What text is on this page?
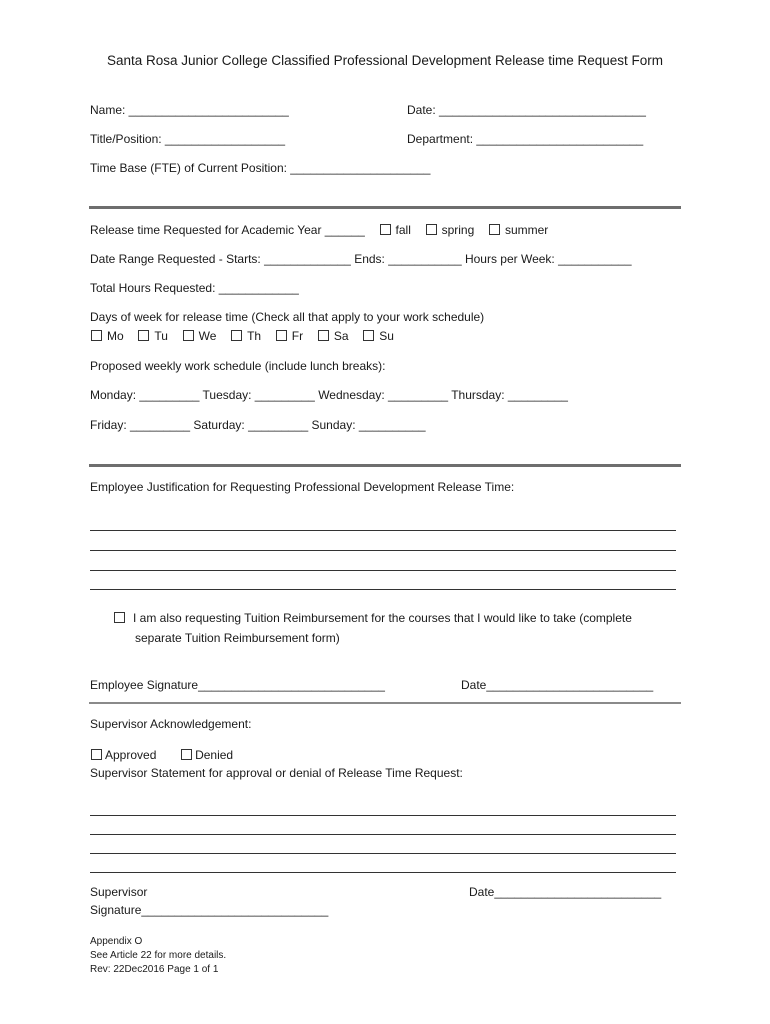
Santa Rosa Junior College Classified Professional Development Release time Request Form
Name: ________________________	Date: _______________________________
Title/Position: __________________	Department: _________________________
Time Base (FTE) of Current Position: _____________________
Release time Requested for Academic Year ______	fall	spring	summer
Date Range Requested - Starts: _____________ Ends: ___________ Hours per Week: ___________
Total Hours Requested: ____________
Days of week for release time (Check all that apply to your work schedule)
Mo	Tu	We	Th	Fr	Sa	Su
Proposed weekly work schedule (include lunch breaks):
Monday: _________ Tuesday: _________ Wednesday: _________ Thursday: _________
Friday: _________ Saturday: _________ Sunday: __________
Employee Justification for Requesting Professional Development Release Time:
I am also requesting Tuition Reimbursement for the courses that I would like to take (complete
separate Tuition Reimbursement form)
Employee Signature____________________________	Date_________________________
Supervisor Acknowledgement:
Approved	Denied
Supervisor Statement for approval or denial of Release Time Request:
Supervisor
Signature____________________________
Date_________________________
Appendix O
See Article 22 for more details.
Rev: 22Dec2016 Page 1 of 1
